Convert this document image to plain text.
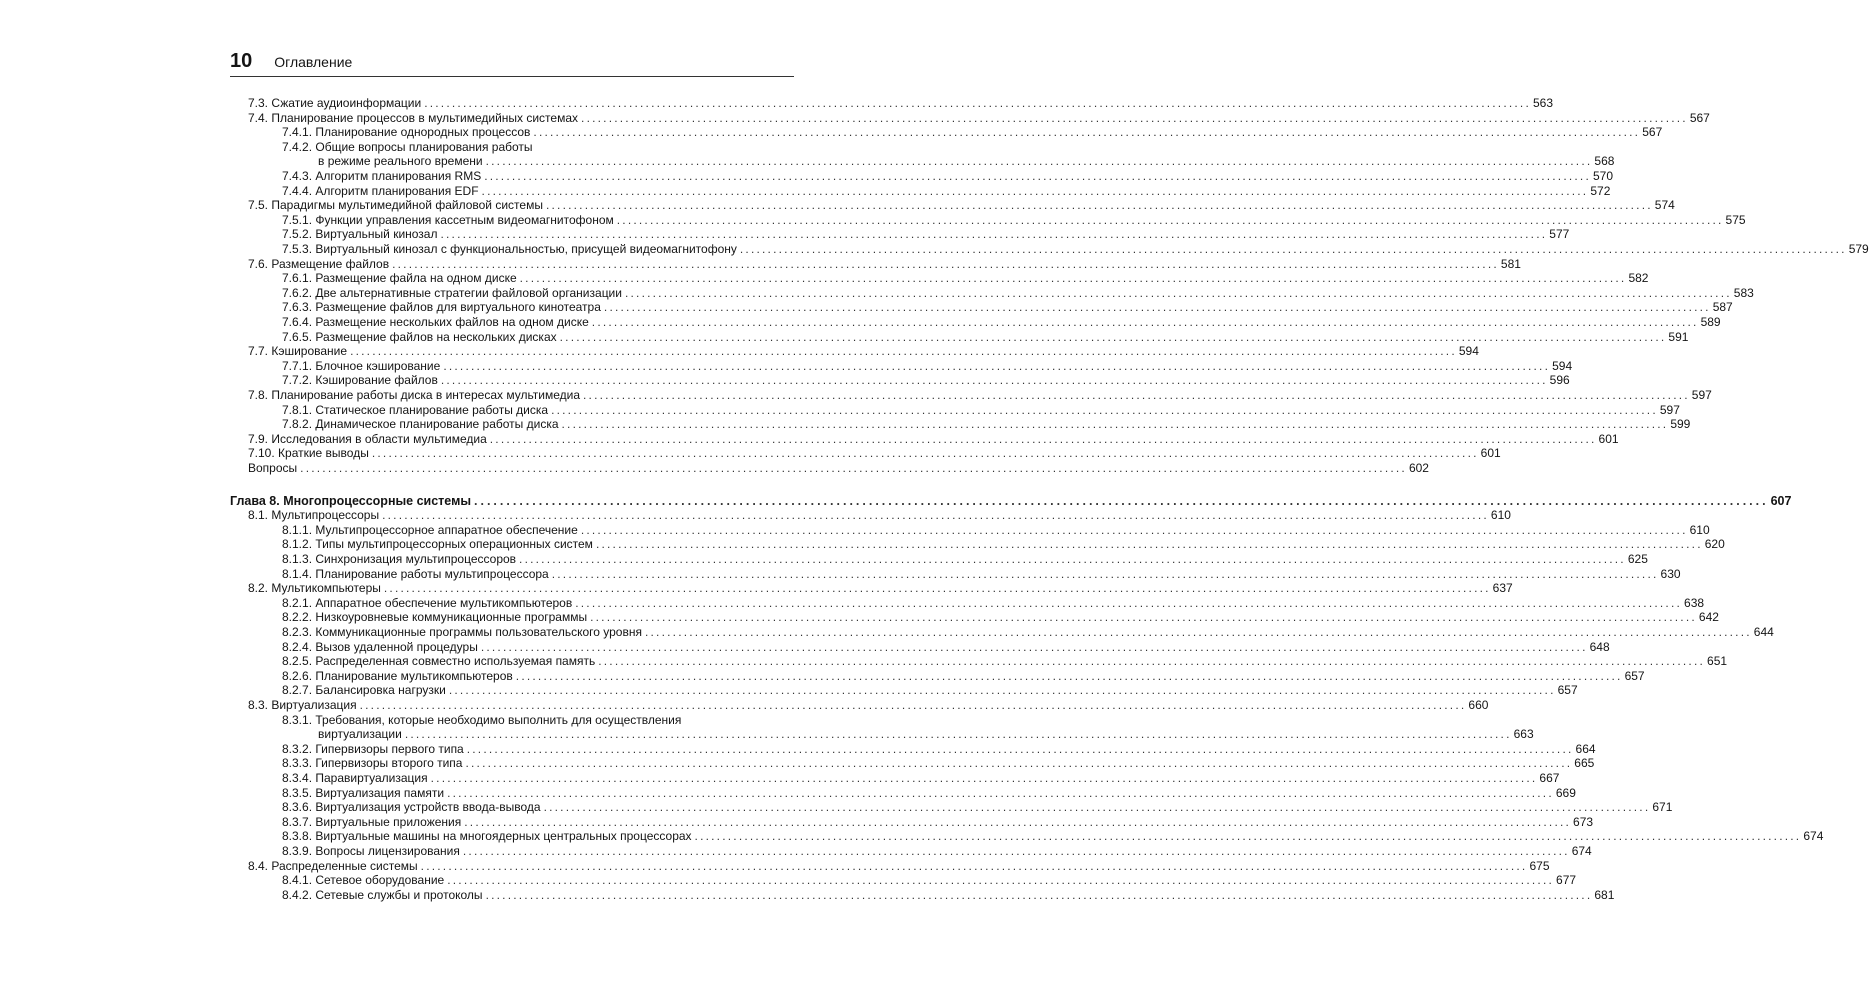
10 Оглавление
7.3. Сжатие аудиоинформации ........................................................................................................................................................................................................ 563
7.4. Планирование процессов в мультимедийных системах ........................................................................................................................................................................................................ 567
7.4.1. Планирование однородных процессов ........................................................................................................................................................................................................ 567
7.4.2. Общие вопросы планирования работы
в режиме реального времени ........................................................................................................................................................................................................ 568
7.4.3. Алгоритм планирования RMS ........................................................................................................................................................................................................ 570
7.4.4. Алгоритм планирования EDF ........................................................................................................................................................................................................ 572
7.5. Парадигмы мультимедийной файловой системы ........................................................................................................................................................................................................ 574
7.5.1. Функции управления кассетным видеомагнитофоном ........................................................................................................................................................................................................ 575
7.5.2. Виртуальный кинозал ........................................................................................................................................................................................................ 577
7.5.3. Виртуальный кинозал с функциональностью, присущей видеомагнитофону ........................................................................................................................................................................................................ 579
7.6. Размещение файлов ........................................................................................................................................................................................................ 581
7.6.1. Размещение файла на одном диске ........................................................................................................................................................................................................ 582
7.6.2. Две альтернативные стратегии файловой организации ........................................................................................................................................................................................................ 583
7.6.3. Размещение файлов для виртуального кинотеатра ........................................................................................................................................................................................................ 587
7.6.4. Размещение нескольких файлов на одном диске ........................................................................................................................................................................................................ 589
7.6.5. Размещение файлов на нескольких дисках ........................................................................................................................................................................................................ 591
7.7. Кэширование ........................................................................................................................................................................................................ 594
7.7.1. Блочное кэширование ........................................................................................................................................................................................................ 594
7.7.2. Кэширование файлов ........................................................................................................................................................................................................ 596
7.8. Планирование работы диска в интересах мультимедиа ........................................................................................................................................................................................................ 597
7.8.1. Статическое планирование работы диска ........................................................................................................................................................................................................ 597
7.8.2. Динамическое планирование работы диска ........................................................................................................................................................................................................ 599
7.9. Исследования в области мультимедиа ........................................................................................................................................................................................................ 601
7.10. Краткие выводы ........................................................................................................................................................................................................ 601
Вопросы ........................................................................................................................................................................................................ 602
Глава 8. Многопроцессорные системы ........................................................................................................................................................................................................ 607
8.1. Мультипроцессоры ........................................................................................................................................................................................................ 610
8.1.1. Мультипроцессорное аппаратное обеспечение ........................................................................................................................................................................................................ 610
8.1.2. Типы мультипроцессорных операционных систем ........................................................................................................................................................................................................ 620
8.1.3. Синхронизация мультипроцессоров ........................................................................................................................................................................................................ 625
8.1.4. Планирование работы мультипроцессора ........................................................................................................................................................................................................ 630
8.2. Мультикомпьютеры ........................................................................................................................................................................................................ 637
8.2.1. Аппаратное обеспечение мультикомпьютеров ........................................................................................................................................................................................................ 638
8.2.2. Низкоуровневые коммуникационные программы ........................................................................................................................................................................................................ 642
8.2.3. Коммуникационные программы пользовательского уровня ........................................................................................................................................................................................................ 644
8.2.4. Вызов удаленной процедуры ........................................................................................................................................................................................................ 648
8.2.5. Распределенная совместно используемая память ........................................................................................................................................................................................................ 651
8.2.6. Планирование мультикомпьютеров ........................................................................................................................................................................................................ 657
8.2.7. Балансировка нагрузки ........................................................................................................................................................................................................ 657
8.3. Виртуализация ........................................................................................................................................................................................................ 660
8.3.1. Требования, которые необходимо выполнить для осуществления
виртуализации ........................................................................................................................................................................................................ 663
8.3.2. Гипервизоры первого типа ........................................................................................................................................................................................................ 664
8.3.3. Гипервизоры второго типа ........................................................................................................................................................................................................ 665
8.3.4. Паравиртуализация ........................................................................................................................................................................................................ 667
8.3.5. Виртуализация памяти ........................................................................................................................................................................................................ 669
8.3.6. Виртуализация устройств ввода-вывода ........................................................................................................................................................................................................ 671
8.3.7. Виртуальные приложения ........................................................................................................................................................................................................ 673
8.3.8. Виртуальные машины на многоядерных центральных процессорах ........................................................................................................................................................................................................ 674
8.3.9. Вопросы лицензирования ........................................................................................................................................................................................................ 674
8.4. Распределенные системы ........................................................................................................................................................................................................ 675
8.4.1. Сетевое оборудование ........................................................................................................................................................................................................ 677
8.4.2. Сетевые службы и протоколы ........................................................................................................................................................................................................ 681
